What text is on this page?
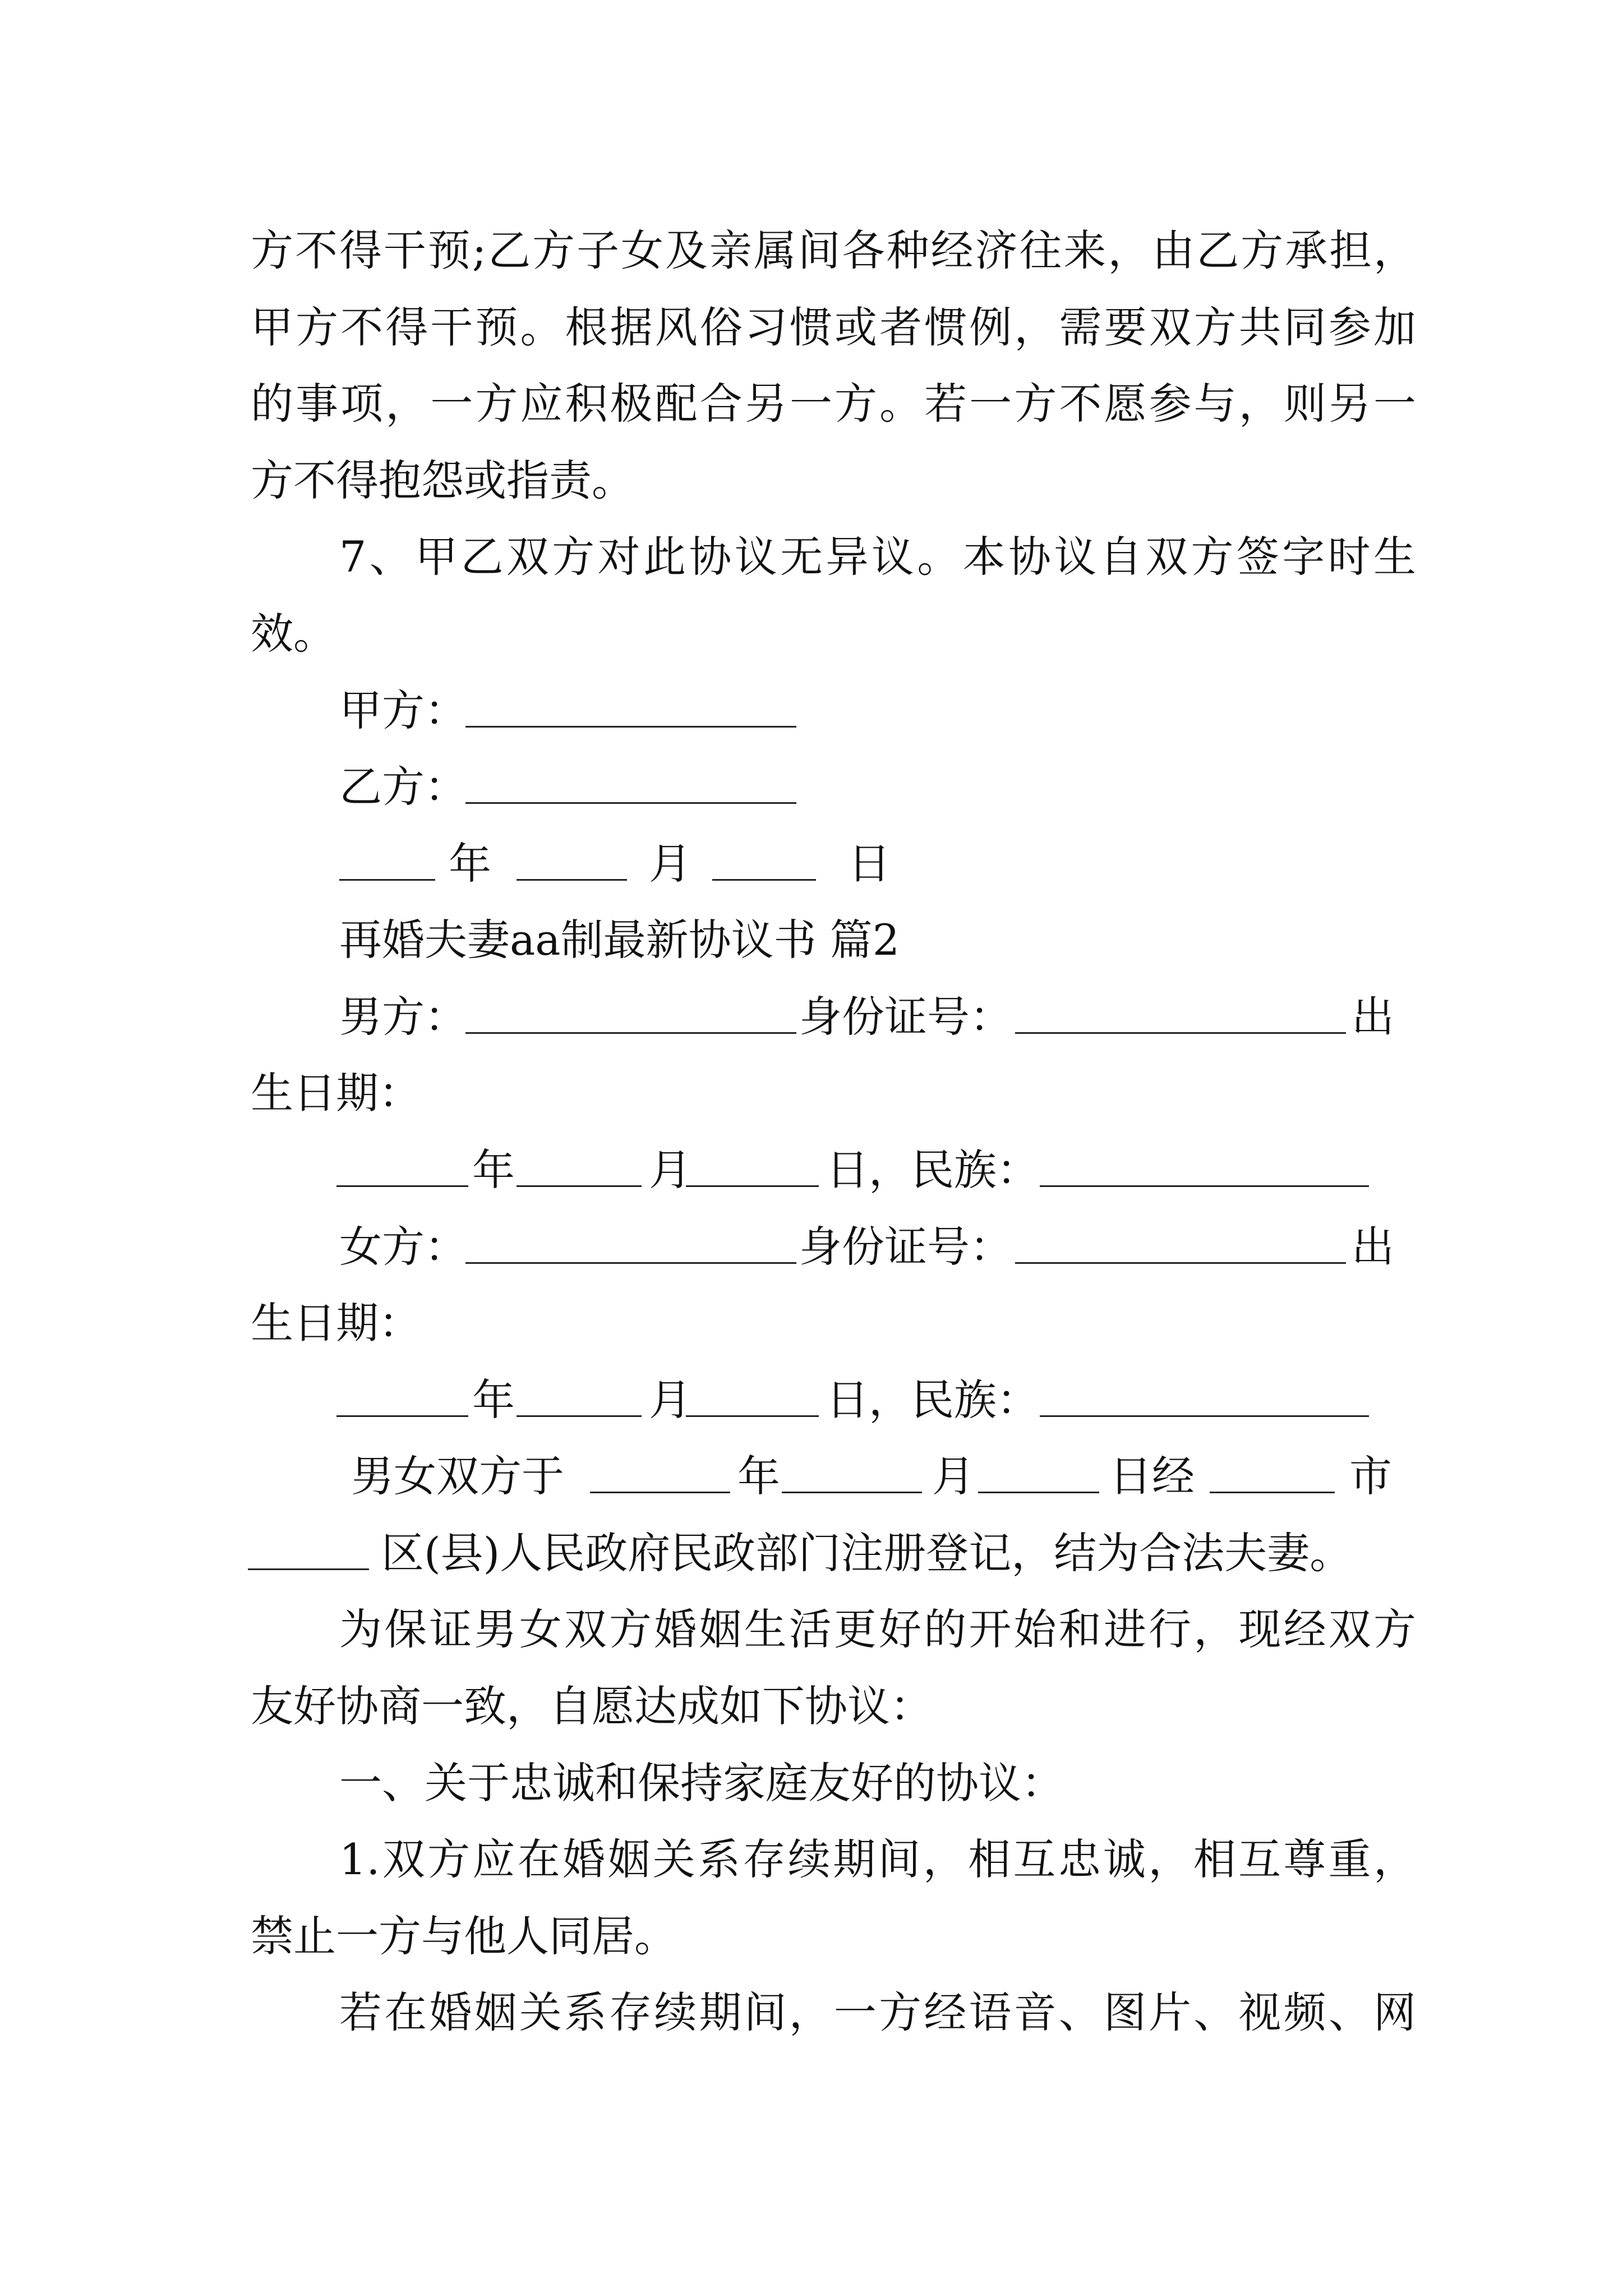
方不得干预;乙方子女及亲属间各种经济往来，由乙方承担，
甲方不得干预。根据风俗习惯或者惯例，需要双方共同参加
的事项，一方应积极配合另一方。若一方不愿参与，则另一
方不得抱怨或指责。
7、甲乙双方对此协议无异议。本协议自双方签字时生
效。
甲方：
乙方：
年	月	日
再婚夫妻aa制最新协议书 篇2
男方：	身份证号：	出
生日期：
年	月	日，民族：
女方：	身份证号：	出
生日期：
年	月	日，民族：
男女双方于	年	月	日经	市
区(县)人民政府民政部门注册登记，结为合法夫妻。
为保证男女双方婚姻生活更好的开始和进行，现经双方
友好协商一致，自愿达成如下协议：
一、关于忠诚和保持家庭友好的协议：
1.双方应在婚姻关系存续期间，相互忠诚，相互尊重，
禁止一方与他人同居。
若在婚姻关系存续期间，一方经语音、图片、视频、网
